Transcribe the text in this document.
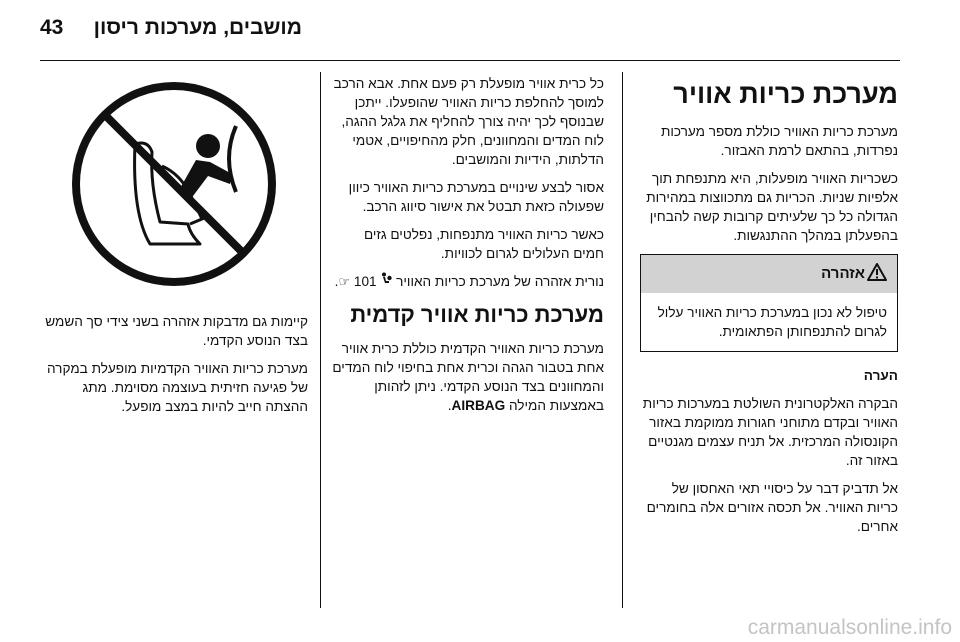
43 מושבים, מערכות ריסון
מערכת כריות אוויר

מערכת כריות האוויר כוללת מספר מערכות נפרדות, בהתאם לרמת האבזור.

כשכריות האוויר מופעלות, היא מתנפחת תוך אלפיות שניות. הכריות גם מתכווצות במהירות הגדולה כל כך שלעיתים קרובות קשה להבחין בהפעלתן במהלך ההתנגשות.

אזהרה
טיפול לא נכון במערכת כריות האוויר עלול לגרום להתנפחותן הפתאומית.

הערה

הבקרה האלקטרונית השולטת במערכות כריות האוויר ובקדם מתוחני חגורות ממוקמת באזור הקונסולה המרכזית. אל תניח עצמים מגנטיים באזור זה.

אל תדביק דבר על כיסויי תאי האחסון של כריות האוויר. אל תכסה אזורים אלה בחומרים אחרים.

כל כרית אוויר מופעלת רק פעם אחת. אבא הרכב למוסך להחלפת כריות האוויר שהופעלו. ייתכן שבנוסף לכך יהיה צורך להחליף את גלגל ההגה, לוח המדים והמחוונים, חלק מהחיפויים, אטמי הדלתות, הידיות והמושבים.

אסור לבצע שינויים במערכת כריות האוויר כיוון שפעולה כזאת תבטל את אישור סיווג הרכב.

כאשר כריות האוויר מתנפחות, נפלטים גזים חמים העלולים לגרום לכוויות.

נורית אזהרה של מערכת כריות האוויר  101 ☞.

מערכת כריות אוויר קדמית

מערכת כריות האוויר הקדמית כוללת כרית אוויר אחת בטבור הגהה וכרית אחת בחיפוי לוח המדים והמחוונים בצד הנוסע הקדמי. ניתן לזהותן באמצעות המילה AIRBAG.

קיימות גם מדבקות אזהרה בשני צידי סך השמש בצד הנוסע הקדמי.

מערכת כריות האוויר הקדמיות מופעלת במקרה של פגיעה חזיתית בעוצמה מסוימת. מתג ההצתה חייב להיות במצב מופעל.

carmanualsonline.info
